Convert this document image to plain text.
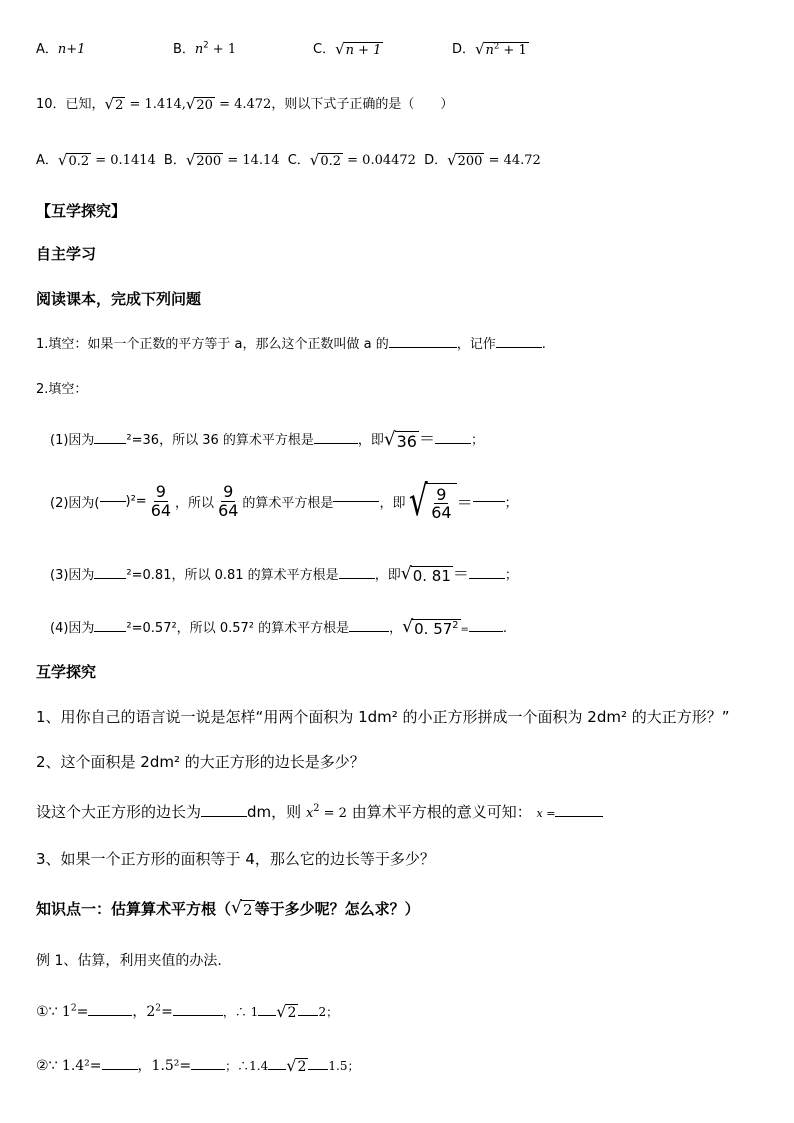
A．n+1	B．$n^2 + 1$	C． √ n + 1	D． √ $n^2 + 1$
10．已知， √ 2 = 1.414, √ 20 = 4.472，则以下式子正确的是（　　）
A． √ 0.2 = 0.1414 B． √ 200 = 14.14 C． √ 0.2 = 0.04472 D． √ 200 = 44.72
【互学探究】
自主学习
阅读课本，完成下列问题
1.填空：如果一个正数的平方等于 a，那么这个正数叫做 a 的	，记作	.
2.填空：
(1)因为 ²=36，所以 36 的算术平方根是	，即 √ 36 ＝	；
(2)因为( )$^2= \frac{9}{64}$ ，所以 $\frac{9}{64}$ 的算术平方根是	，即 √ $\frac{9}{64}$ ＝ ；
(3)因为 ²=0.81，所以 0.81 的算术平方根是	，即 √ 0. 81 ＝	；
(4)因为 ²=0.57²，所以 0.57² 的算术平方根是	， √ 0. $57^2$ =	.
互学探究
1、用你自己的语言说一说是怎样“用两个面积为 1dm² 的小正方形拼成一个面积为 2dm² 的大正方形？”
2、这个面积是 2dm² 的大正方形的边长是多少？
设这个大正方形的边长为	dm，则 $x^2 = 2$ 由算术平方根的意义可知： x =
3、如果一个正方形的面积等于 4，那么它的边长等于多少？
知识点一：估算算术平方根（ √ 2 等于多少呢？怎么求？）
例 1、估算，利用夹值的办法.
①∵ $1^2=$	，$2^2=$	，∴ 1 √ 2 2；
②∵ 1.4²=	，1.5²=	；∴1.4 √ 2 1.5；
